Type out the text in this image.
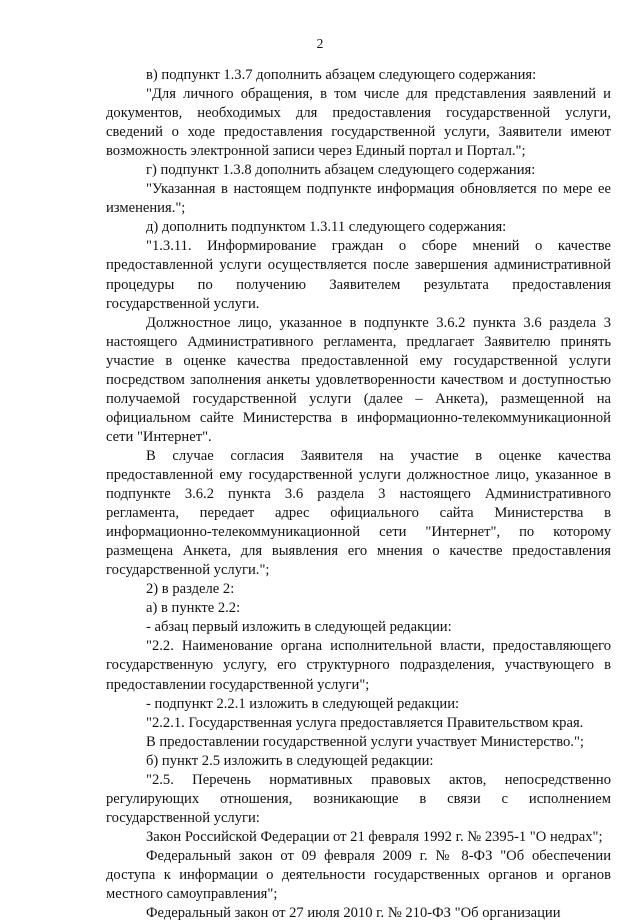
2

в) подпункт 1.3.7 дополнить абзацем следующего содержания:

"Для личного обращения, в том числе для представления заявлений и документов, необходимых для предоставления государственной услуги, сведений о ходе предоставления государственной услуги, Заявители имеют возможность электронной записи через Единый портал и Портал.";

г) подпункт 1.3.8 дополнить абзацем следующего содержания:

"Указанная в настоящем подпункте информация обновляется по мере ее изменения.";

д) дополнить подпунктом 1.3.11 следующего содержания:

"1.3.11. Информирование граждан о сборе мнений о качестве предоставленной услуги осуществляется после завершения административной процедуры по получению Заявителем результата предоставления государственной услуги.

Должностное лицо, указанное в подпункте 3.6.2 пункта 3.6 раздела 3 настоящего Административного регламента, предлагает Заявителю принять участие в оценке качества предоставленной ему государственной услуги посредством заполнения анкеты удовлетворенности качеством и доступностью получаемой государственной услуги (далее – Анкета), размещенной на официальном сайте Министерства в информационно-телекоммуникационной сети "Интернет".

В случае согласия Заявителя на участие в оценке качества предоставленной ему государственной услуги должностное лицо, указанное в подпункте 3.6.2 пункта 3.6 раздела 3 настоящего Административного регламента, передает адрес официального сайта Министерства в информационно-телекоммуникационной сети "Интернет", по которому размещена Анкета, для выявления его мнения о качестве предоставления государственной услуги.";

2) в разделе 2:

а) в пункте 2.2:

- абзац первый изложить в следующей редакции:

"2.2. Наименование органа исполнительной власти, предоставляющего государственную услугу, его структурного подразделения, участвующего в предоставлении государственной услуги";

- подпункт 2.2.1 изложить в следующей редакции:

"2.2.1. Государственная услуга предоставляется Правительством края.

В предоставлении государственной услуги участвует Министерство.";

б) пункт 2.5 изложить в следующей редакции:

"2.5. Перечень нормативных правовых актов, непосредственно регулирующих отношения, возникающие в связи с исполнением государственной услуги:

Закон Российской Федерации от 21 февраля 1992 г. № 2395-1 "О недрах";

Федеральный закон от 09 февраля 2009 г. № 8-ФЗ "Об обеспечении доступа к информации о деятельности государственных органов и органов местного самоуправления";

Федеральный закон от 27 июля 2010 г. № 210-ФЗ "Об организации
